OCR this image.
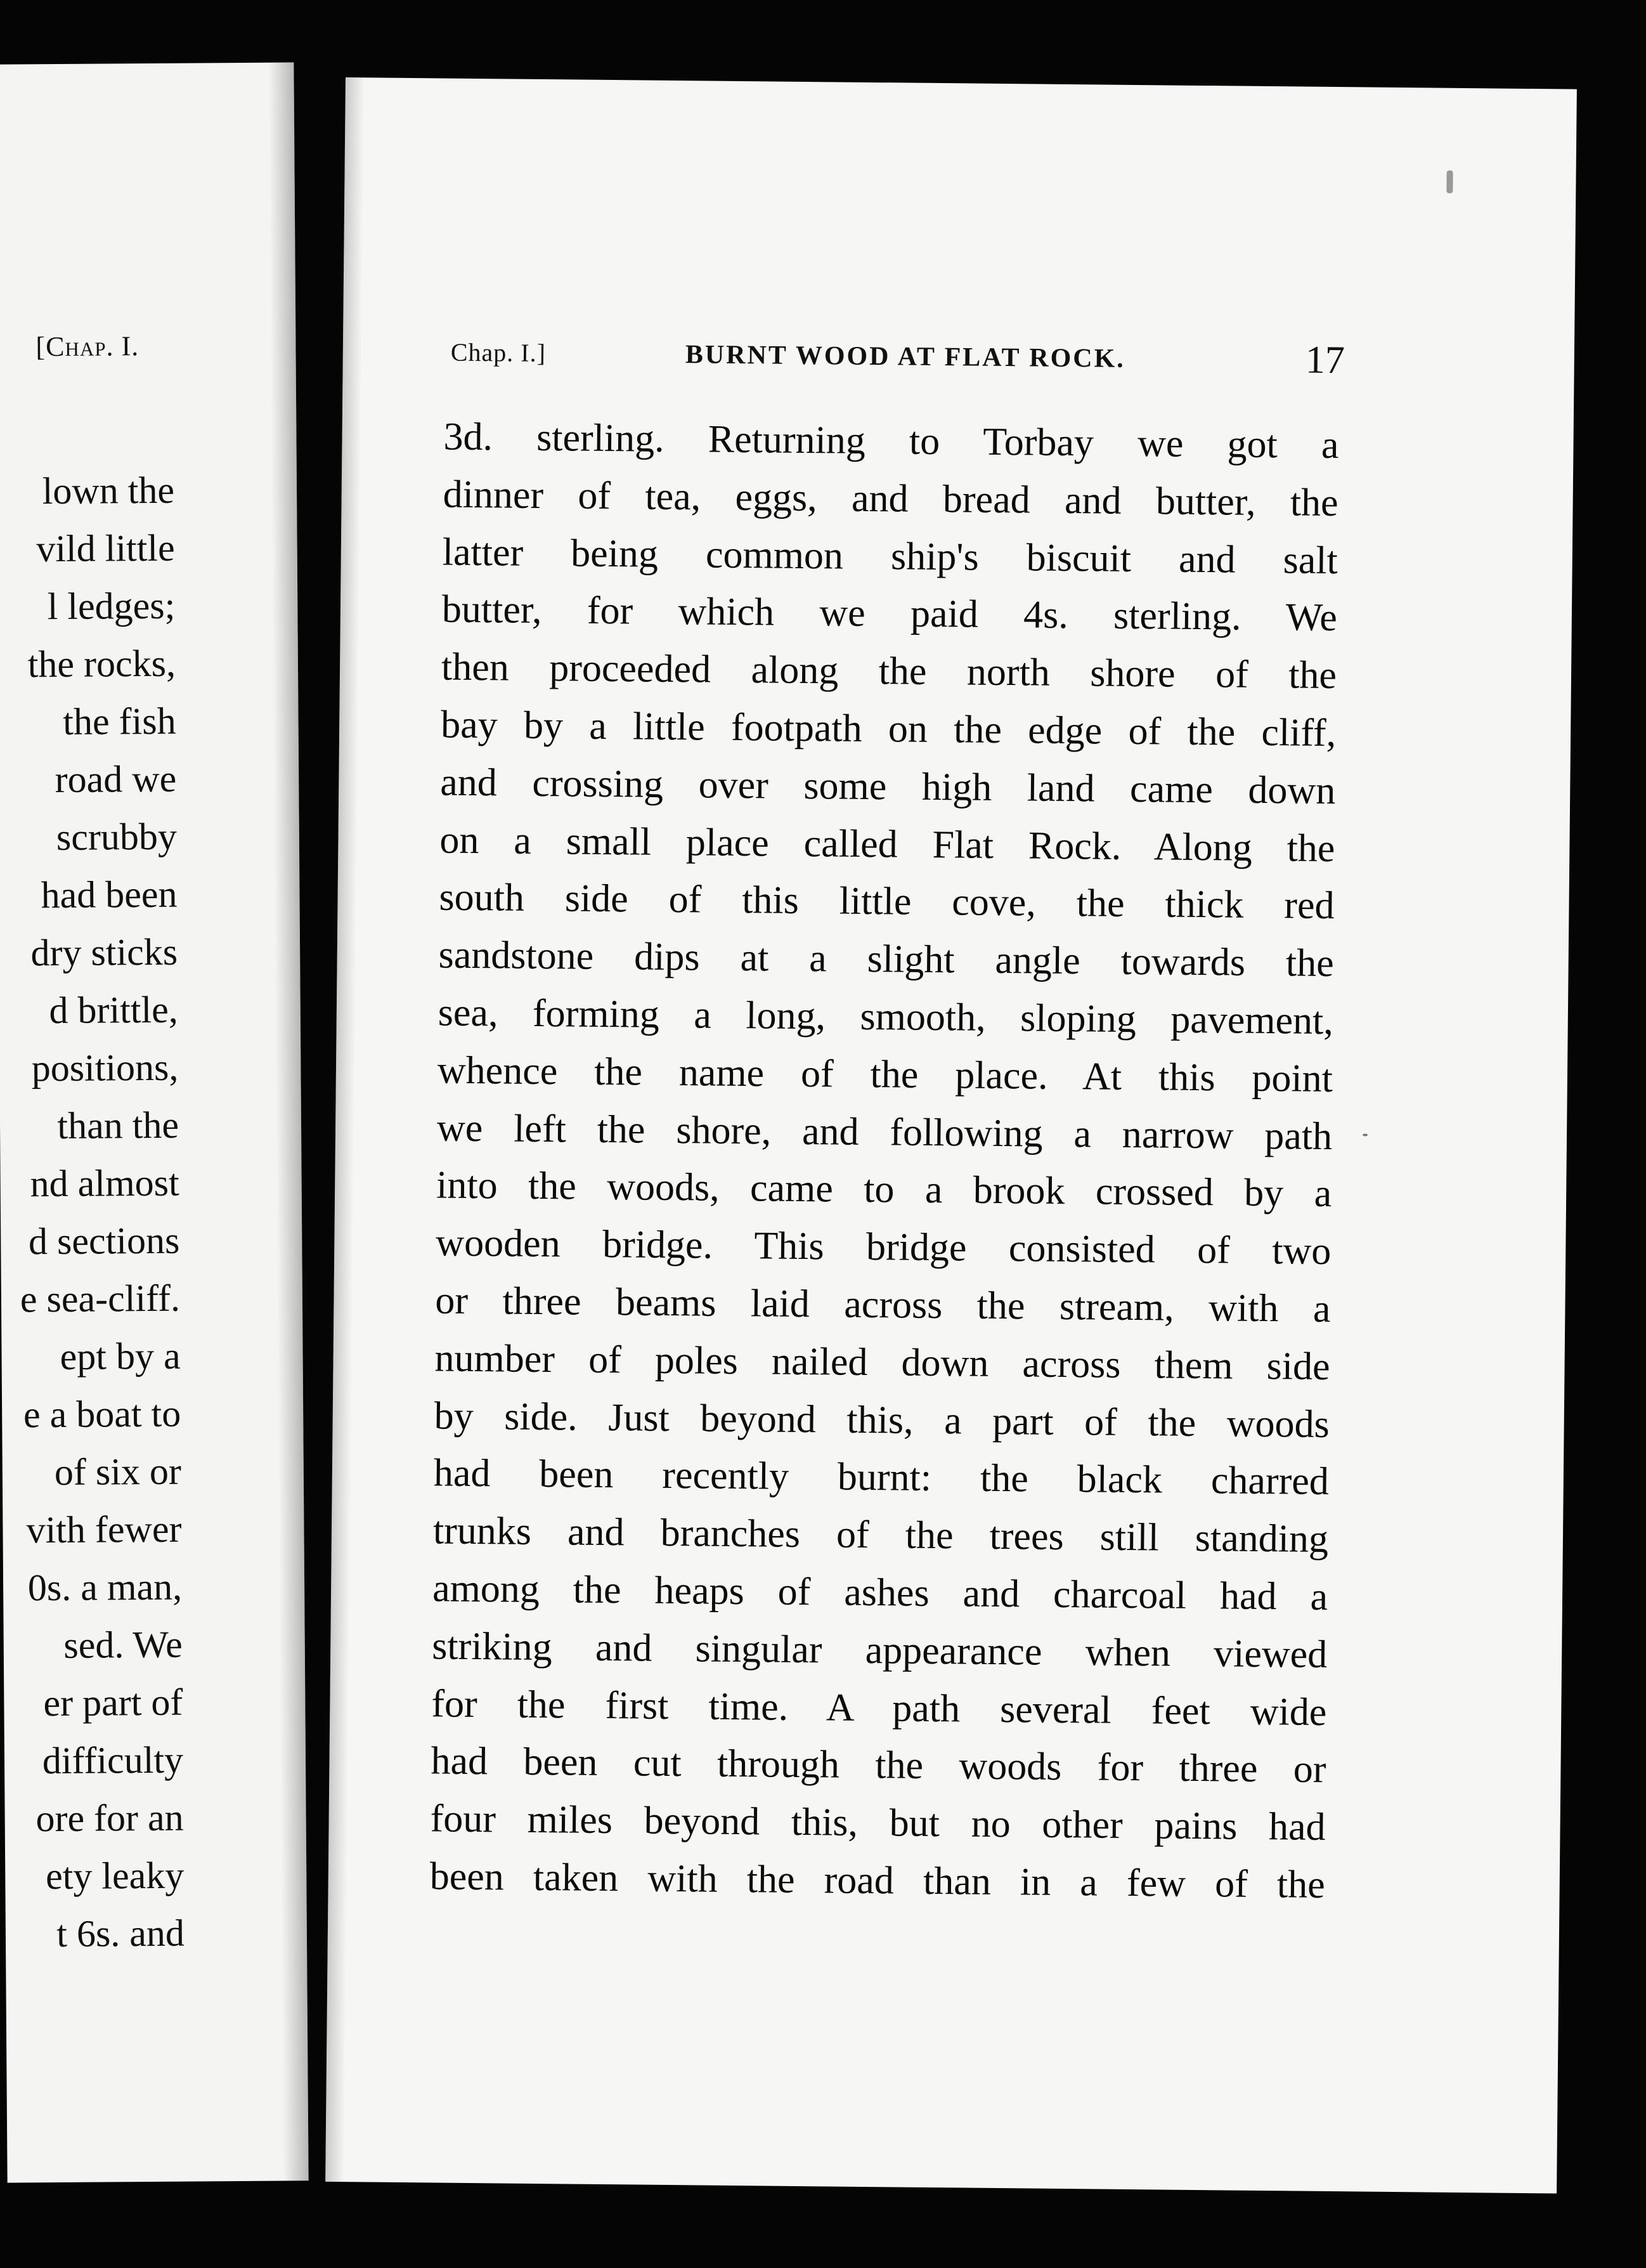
[Chap. I.
lown the
vild little
l ledges;
the rocks,
the fish
road we
scrubby
had been
dry sticks
d brittle,
positions,
than the
nd almost
d sections
e sea-cliff.
ept by a
e a boat to
of six or
vith fewer
0s. a man,
sed. We
er part of
difficulty
ore for an
ety leaky
t 6s. and
Chap. I.]	BURNT WOOD AT FLAT ROCK.	17
3d. sterling. Returning to Torbay we got a
dinner of tea, eggs, and bread and butter, the
latter being common ship's biscuit and salt
butter, for which we paid 4s. sterling. We
then proceeded along the north shore of the
bay by a little footpath on the edge of the cliff,
and crossing over some high land came down
on a small place called Flat Rock. Along the
south side of this little cove, the thick red
sandstone dips at a slight angle towards the
sea, forming a long, smooth, sloping pavement,
whence the name of the place. At this point
we left the shore, and following a narrow path
into the woods, came to a brook crossed by a
wooden bridge. This bridge consisted of two
or three beams laid across the stream, with a
number of poles nailed down across them side
by side. Just beyond this, a part of the woods
had been recently burnt: the black charred
trunks and branches of the trees still standing
among the heaps of ashes and charcoal had a
striking and singular appearance when viewed
for the first time. A path several feet wide
had been cut through the woods for three or
four miles beyond this, but no other pains had
been taken with the road than in a few of the
